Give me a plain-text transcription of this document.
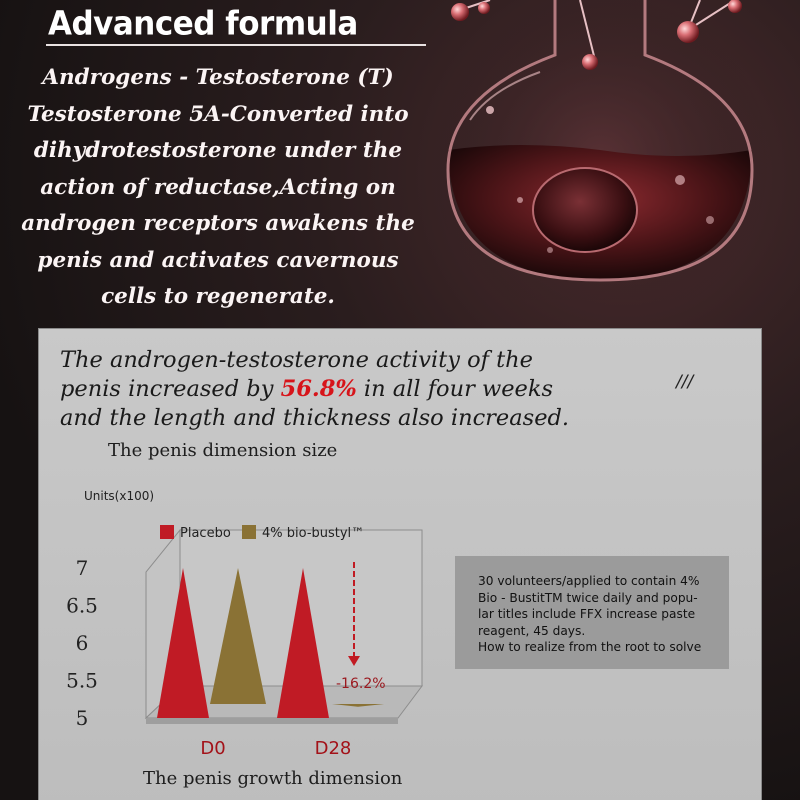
Advanced formula
Androgens - Testosterone (T)
Testosterone 5A-Converted into
dihydrotestosterone under the
action of reductase,Acting on
androgen receptors awakens the
penis and activates cavernous
cells to regenerate.
The androgen-testosterone activity of the
penis increased by 56.8% in all four weeks
and the length and thickness also increased.
///
The penis dimension size
Units(x100)
5
5.5
6
6.5
7
Placebo 4% bio-bustyl™
D0	D28
-16.2%
The penis growth dimension
30 volunteers/applied to contain 4%
Bio - BustitTM twice daily and popu-
lar titles include FFX increase paste
reagent, 45 days.
How to realize from the root to solve
